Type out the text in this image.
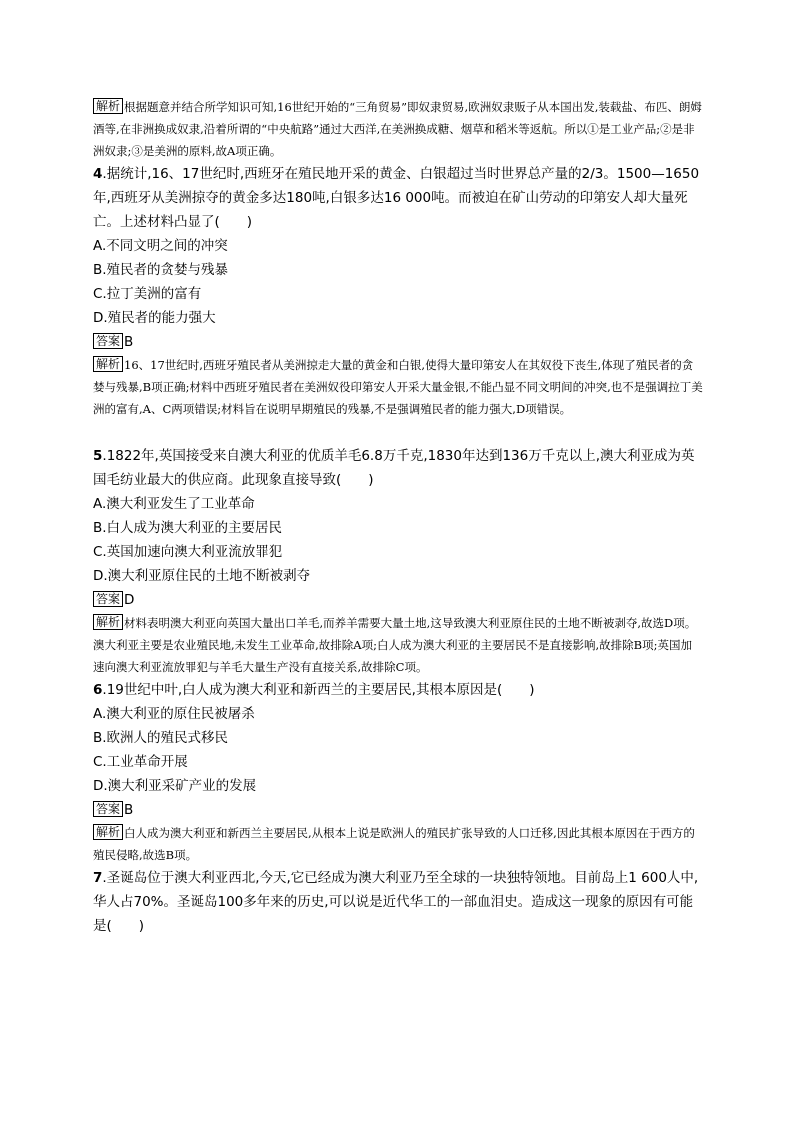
解析 根据题意并结合所学知识可知,16世纪开始的“三角贸易”即奴隶贸易,欧洲奴隶贩子从本国出发,装载盐、布匹、朗姆酒等,在非洲换成奴隶,沿着所谓的“中央航路”通过大西洋,在美洲换成糖、烟草和稻米等返航。所以①是工业产品;②是非洲奴隶;③是美洲的原料,故A项正确。
4.据统计,16、17世纪时,西班牙在殖民地开采的黄金、白银超过当时世界总产量的2/3。1500—1650年,西班牙从美洲掠夺的黄金多达180吨,白银多达16 000吨。而被迫在矿山劳动的印第安人却大量死亡。上述材料凸显了(　　)
A.不同文明之间的冲突
B.殖民者的贪婪与残暴
C.拉丁美洲的富有
D.殖民者的能力强大
答案 B
解析 16、17世纪时,西班牙殖民者从美洲掠走大量的黄金和白银,使得大量印第安人在其奴役下丧生,体现了殖民者的贪婪与残暴,B项正确;材料中西班牙殖民者在美洲奴役印第安人开采大量金银,不能凸显不同文明间的冲突,也不是强调拉丁美洲的富有,A、C两项错误;材料旨在说明早期殖民的残暴,不是强调殖民者的能力强大,D项错误。
5.1822年,英国接受来自澳大利亚的优质羊毛6.8万千克,1830年达到136万千克以上,澳大利亚成为英国毛纺业最大的供应商。此现象直接导致(　　)
A.澳大利亚发生了工业革命
B.白人成为澳大利亚的主要居民
C.英国加速向澳大利亚流放罪犯
D.澳大利亚原住民的土地不断被剥夺
答案 D
解析 材料表明澳大利亚向英国大量出口羊毛,而养羊需要大量土地,这导致澳大利亚原住民的土地不断被剥夺,故选D项。澳大利亚主要是农业殖民地,未发生工业革命,故排除A项;白人成为澳大利亚的主要居民不是直接影响,故排除B项;英国加速向澳大利亚流放罪犯与羊毛大量生产没有直接关系,故排除C项。
6.19世纪中叶,白人成为澳大利亚和新西兰的主要居民,其根本原因是(　　)
A.澳大利亚的原住民被屠杀
B.欧洲人的殖民式移民
C.工业革命开展
D.澳大利亚采矿产业的发展
答案 B
解析 白人成为澳大利亚和新西兰主要居民,从根本上说是欧洲人的殖民扩张导致的人口迁移,因此其根本原因在于西方的殖民侵略,故选B项。
7.圣诞岛位于澳大利亚西北,今天,它已经成为澳大利亚乃至全球的一块独特领地。目前岛上1 600人中,华人占70%。圣诞岛100多年来的历史,可以说是近代华工的一部血泪史。造成这一现象的原因有可能是(　　)
